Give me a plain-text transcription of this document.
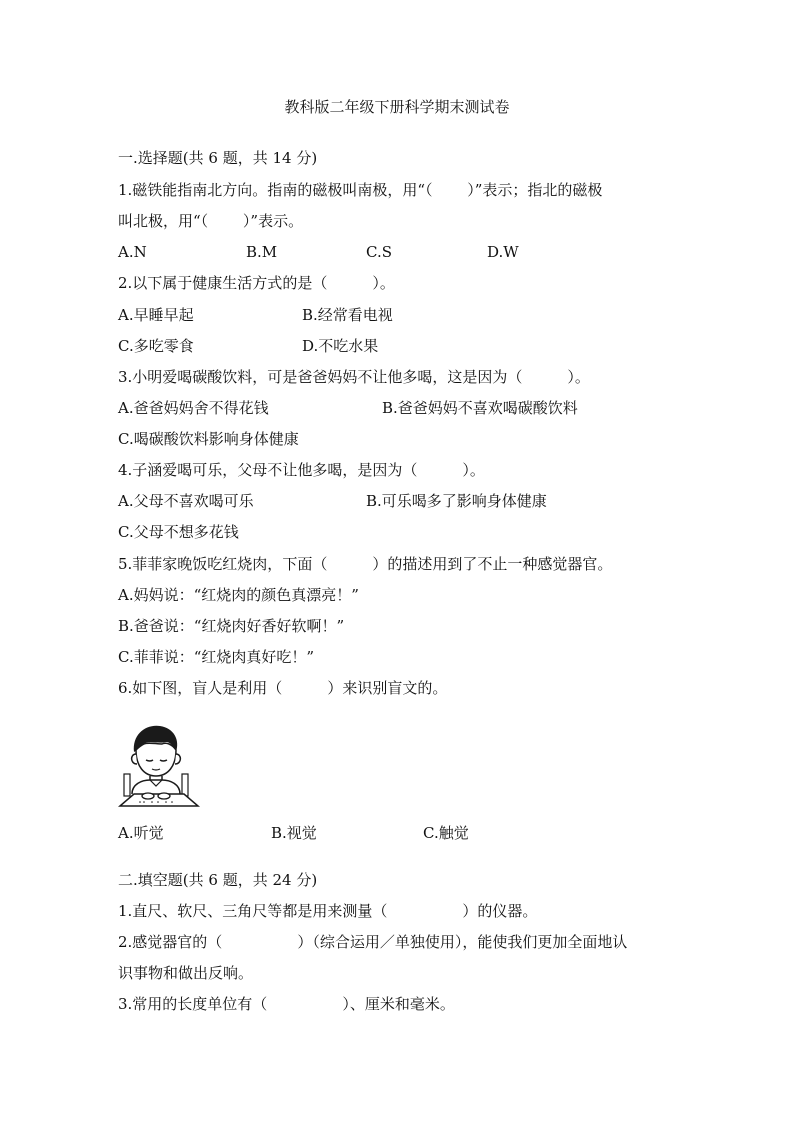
教科版二年级下册科学期末测试卷
一.选择题(共 6 题，共 14 分)
1.磁铁能指南北方向。指南的磁极叫南极，用“（　　 ）”表示；指北的磁极
叫北极，用“（　　 ）”表示。
A.N	B.M	C.S	D.W
2.以下属于健康生活方式的是（　　　）。
A.早睡早起	B.经常看电视
C.多吃零食	D.不吃水果
3.小明爱喝碳酸饮料，可是爸爸妈妈不让他多喝，这是因为（　　　）。
A.爸爸妈妈舍不得花钱	B.爸爸妈妈不喜欢喝碳酸饮料
C.喝碳酸饮料影响身体健康
4.子涵爱喝可乐，父母不让他多喝，是因为（　　　）。
A.父母不喜欢喝可乐	B.可乐喝多了影响身体健康
C.父母不想多花钱
5.菲菲家晚饭吃红烧肉，下面（　　　）的描述用到了不止一种感觉器官。
A.妈妈说：“红烧肉的颜色真漂亮！”
B.爸爸说：“红烧肉好香好软啊！”
C.菲菲说：“红烧肉真好吃！”
6.如下图，盲人是利用（　　　）来识别盲文的。
A.听觉	B.视觉	C.触觉
二.填空题(共 6 题，共 24 分)
1.直尺、软尺、三角尺等都是用来测量（　　　　　）的仪器。
2.感觉器官的（　　　　　）（综合运用／单独使用），能使我们更加全面地认
识事物和做出反响。
3.常用的长度单位有（　　　　　）、厘米和毫米。
